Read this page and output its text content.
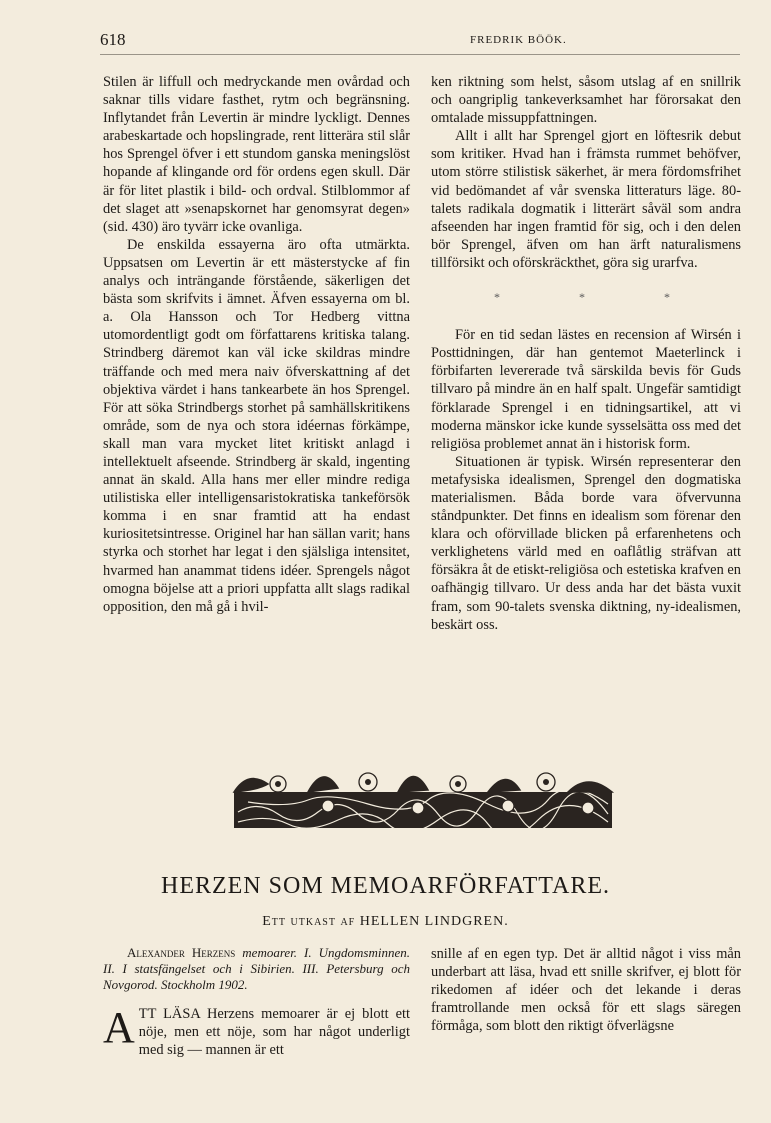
618	FREDRIK BÖÖK.

Stilen är liffull och medryckande men ovårdad och saknar tills vidare fasthet, rytm och begränsning. Inflytandet från Levertin är mindre lyckligt. Dennes arabeskartade och hopslingrade, rent litterära stil slår hos Sprengel öfver i ett stundom ganska meningslöst hopande af klingande ord för ordens egen skull. Där är för litet plastik i bild- och ordval. Stilblommor af det slaget att »senapskornet har genomsyrat degen» (sid. 430) äro tyvärr icke ovanliga.

De enskilda essayerna äro ofta utmärkta. Uppsatsen om Levertin är ett mästerstycke af fin analys och inträngande förstående, säkerligen det bästa som skrifvits i ämnet. Äfven essayerna om bl. a. Ola Hansson och Tor Hedberg vittna utomordentligt godt om författarens kritiska talang. Strindberg däremot kan väl icke skildras mindre träffande och med mera naiv öfverskattning af det objektiva värdet i hans tankearbete än hos Sprengel. För att söka Strindbergs storhet på samhällskritikens område, som de nya och stora idéernas förkämpe, skall man vara mycket litet kritiskt anlagd i intellektuelt afseende. Strindberg är skald, ingenting annat än skald. Alla hans mer eller mindre rediga utilistiska eller intelligensaristokratiska tankeförsök komma i en snar framtid att ha endast kuriositetsintresse. Originel har han sällan varit; hans styrka och storhet har legat i den själsliga intensitet, hvarmed han anammat tidens idéer. Sprengels något omogna böjelse att a priori uppfatta allt slags radikal opposition, den må gå i hvil-

ken riktning som helst, såsom utslag af en snillrik och oangriplig tankeverksamhet har förorsakat den omtalade missuppfattningen.

Allt i allt har Sprengel gjort en löftesrik debut som kritiker. Hvad han i främsta rummet behöfver, utom större stilistisk säkerhet, är mera fördomsfrihet vid bedömandet af vår svenska litteraturs läge. 80-talets radikala dogmatik i litterärt såväl som andra afseenden har ingen framtid för sig, och i den delen bör Sprengel, äfven om han ärft naturalismens tillförsikt och oförskräckthet, göra sig urarfva.

* * *

För en tid sedan lästes en recension af Wirsén i Posttidningen, där han gentemot Maeterlinck i förbifarten levererade två särskilda bevis för Guds tillvaro på mindre än en half spalt. Ungefär samtidigt förklarade Sprengel i en tidningsartikel, att vi moderna mänskor icke kunde sysselsätta oss med det religiösa problemet annat än i historisk form.

Situationen är typisk. Wirsén representerar den metafysiska idealismen, Sprengel den dogmatiska materialismen. Båda borde vara öfvervunna ståndpunkter. Det finns en idealism som förenar den klara och oförvillade blicken på erfarenhetens och verklighetens värld med en oaflåtlig sträfvan att försäkra åt de etiskt-religiösa och estetiska krafven en oafhängig tillvaro. Ur dess anda har det bästa vuxit fram, som 90-talets svenska diktning, ny-idealismen, beskärt oss.

HERZEN SOM MEMOARFÖRFATTARE.
Ett utkast af HELLEN LINDGREN.

Alexander Herzens memoarer. I. Ungdomsminnen. II. I statsfängelset och i Sibirien. III. Petersburg och Novgorod. Stockholm 1902.

ATT LÄSA Herzens memoarer är ej blott ett nöje, men ett nöje, som har något underligt med sig — mannen är ett

snille af en egen typ. Det är alltid något i viss mån underbart att läsa, hvad ett snille skrifver, ej blott för rikedomen af idéer och det lekande i deras framtrollande men också för ett slags säregen förmåga, som blott den riktigt öfverlägsne
